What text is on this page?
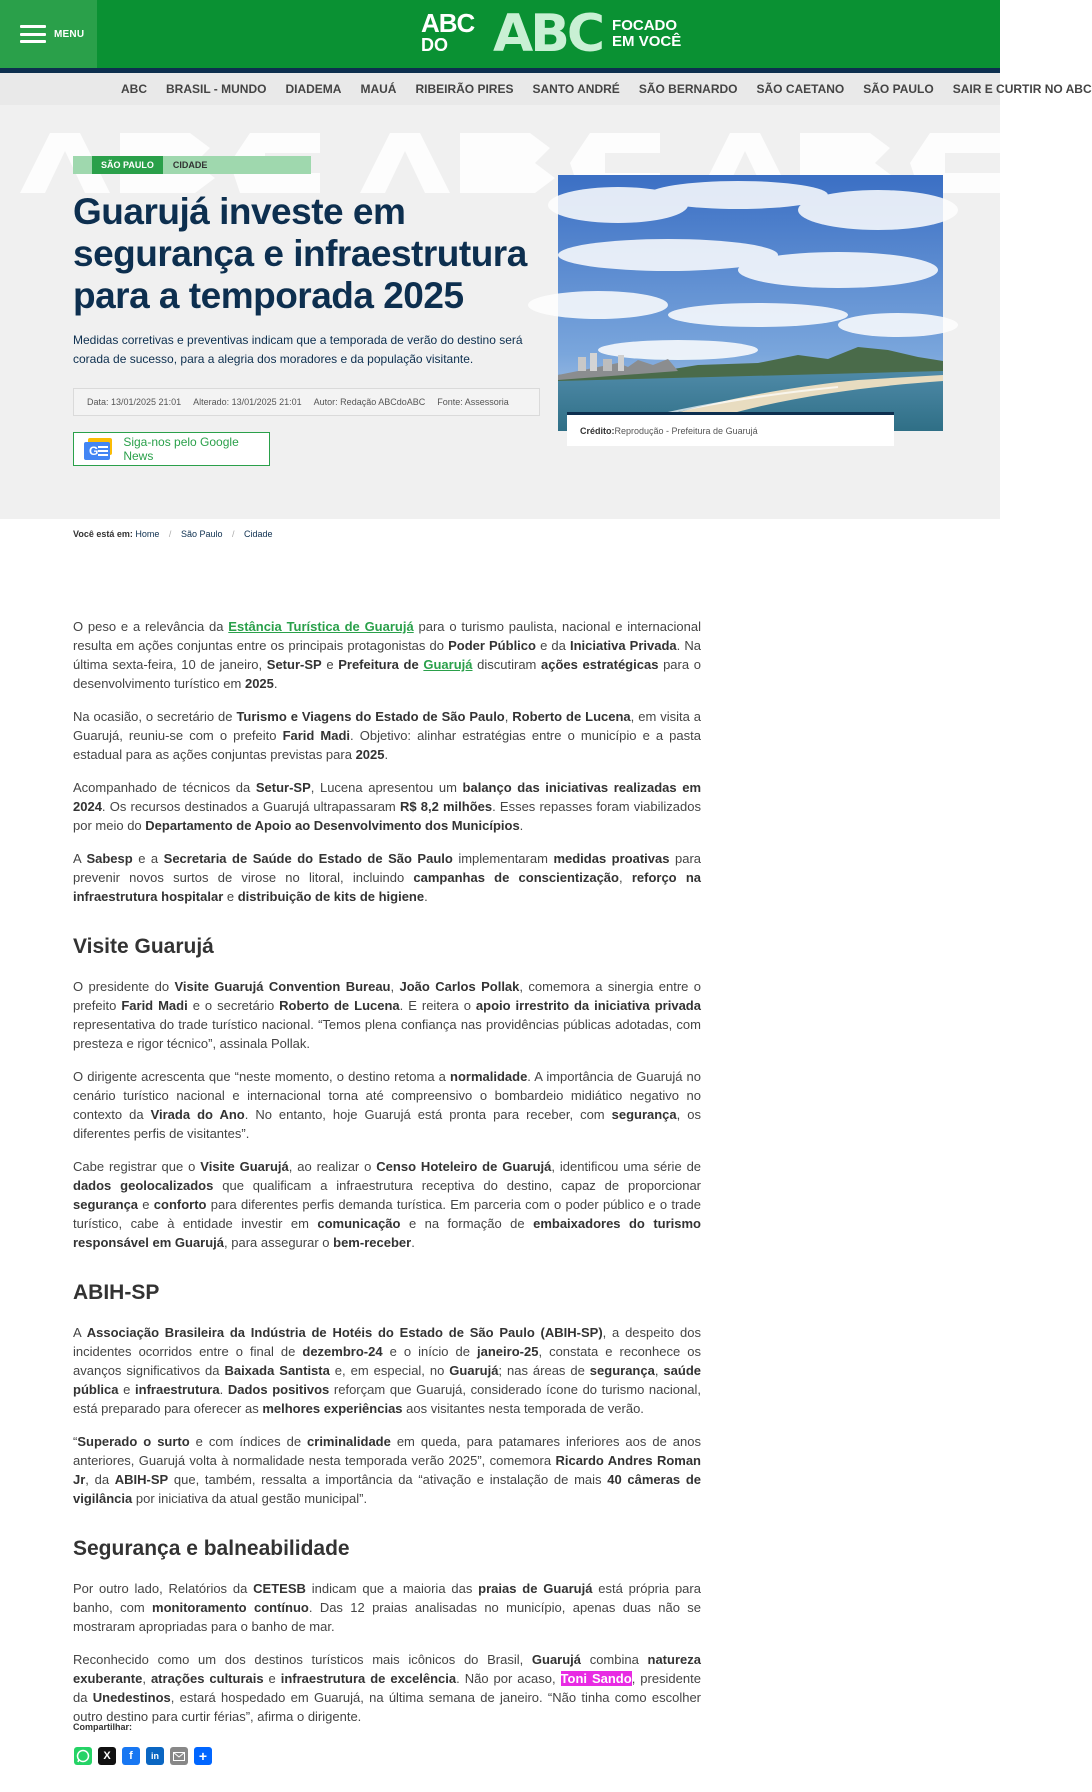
MENU	ABC
DO ABC FOCADO
EM VOCÊ
ABC BRASIL - MUNDO DIADEMA MAUÁ RIBEIRÃO PIRES SANTO ANDRÉ SÃO BERNARDO SÃO CAETANO SÃO PAULO SAIR E CURTIR NO ABC
SÃO PAULO	CIDADE
Guarujá investe em segurança e infraestrutura para a temporada 2025

Medidas corretivas e preventivas indicam que a temporada de verão do destino será corada de sucesso, para a alegria dos moradores e da população visitante.

Data: 13/01/2025 21:01 Alterado: 13/01/2025 21:01 Autor: Redação ABCdoABC Fonte: Assessoria
G
Siga-nos pelo Google News
Crédito:Reprodução - Prefeitura de Guarujá
Você está em: Home / São Paulo / Cidade

O peso e a relevância da Estância Turística de Guarujá para o turismo paulista, nacional e internacional resulta em ações conjuntas entre os principais protagonistas do Poder Público e da Iniciativa Privada. Na última sexta-feira, 10 de janeiro, Setur-SP e Prefeitura de Guarujá discutiram ações estratégicas para o desenvolvimento turístico em 2025.

Na ocasião, o secretário de Turismo e Viagens do Estado de São Paulo, Roberto de Lucena, em visita a Guarujá, reuniu-se com o prefeito Farid Madi. Objetivo: alinhar estratégias entre o município e a pasta estadual para as ações conjuntas previstas para 2025.

Acompanhado de técnicos da Setur-SP, Lucena apresentou um balanço das iniciativas realizadas em 2024. Os recursos destinados a Guarujá ultrapassaram R$ 8,2 milhões. Esses repasses foram viabilizados por meio do Departamento de Apoio ao Desenvolvimento dos Municípios.

A Sabesp e a Secretaria de Saúde do Estado de São Paulo implementaram medidas proativas para prevenir novos surtos de virose no litoral, incluindo campanhas de conscientização, reforço na infraestrutura hospitalar e distribuição de kits de higiene.

Visite Guarujá

O presidente do Visite Guarujá Convention Bureau, João Carlos Pollak, comemora a sinergia entre o prefeito Farid Madi e o secretário Roberto de Lucena. E reitera o apoio irrestrito da iniciativa privada representativa do trade turístico nacional. “Temos plena confiança nas providências públicas adotadas, com presteza e rigor técnico”, assinala Pollak.

O dirigente acrescenta que “neste momento, o destino retoma a normalidade. A importância de Guarujá no cenário turístico nacional e internacional torna até compreensivo o bombardeio midiático negativo no contexto da Virada do Ano. No entanto, hoje Guarujá está pronta para receber, com segurança, os diferentes perfis de visitantes”.

Cabe registrar que o Visite Guarujá, ao realizar o Censo Hoteleiro de Guarujá, identificou uma série de dados geolocalizados que qualificam a infraestrutura receptiva do destino, capaz de proporcionar segurança e conforto para diferentes perfis demanda turística. Em parceria com o poder público e o trade turístico, cabe à entidade investir em comunicação e na formação de embaixadores do turismo responsável em Guarujá, para assegurar o bem-receber.

ABIH-SP

A Associação Brasileira da Indústria de Hotéis do Estado de São Paulo (ABIH-SP), a despeito dos incidentes ocorridos entre o final de dezembro-24 e o início de janeiro-25, constata e reconhece os avanços significativos da Baixada Santista e, em especial, no Guarujá; nas áreas de segurança, saúde pública e infraestrutura. Dados positivos reforçam que Guarujá, considerado ícone do turismo nacional, está preparado para oferecer as melhores experiências aos visitantes nesta temporada de verão.

“Superado o surto e com índices de criminalidade em queda, para patamares inferiores aos de anos anteriores, Guarujá volta à normalidade nesta temporada verão 2025”, comemora Ricardo Andres Roman Jr, da ABIH-SP que, também, ressalta a importância da “ativação e instalação de mais 40 câmeras de vigilância por iniciativa da atual gestão municipal”.

Segurança e balneabilidade

Por outro lado, Relatórios da CETESB indicam que a maioria das praias de Guarujá está própria para banho, com monitoramento contínuo. Das 12 praias analisadas no município, apenas duas não se mostraram apropriadas para o banho de mar.

Reconhecido como um dos destinos turísticos mais icônicos do Brasil, Guarujá combina natureza exuberante, atrações culturais e infraestrutura de excelência. Não por acaso, Toni Sando, presidente da Unedestinos, estará hospedado em Guarujá, na última semana de janeiro. “Não tinha como escolher outro destino para curtir férias”, afirma o dirigente.

Compartilhar:
X	f	in	+
